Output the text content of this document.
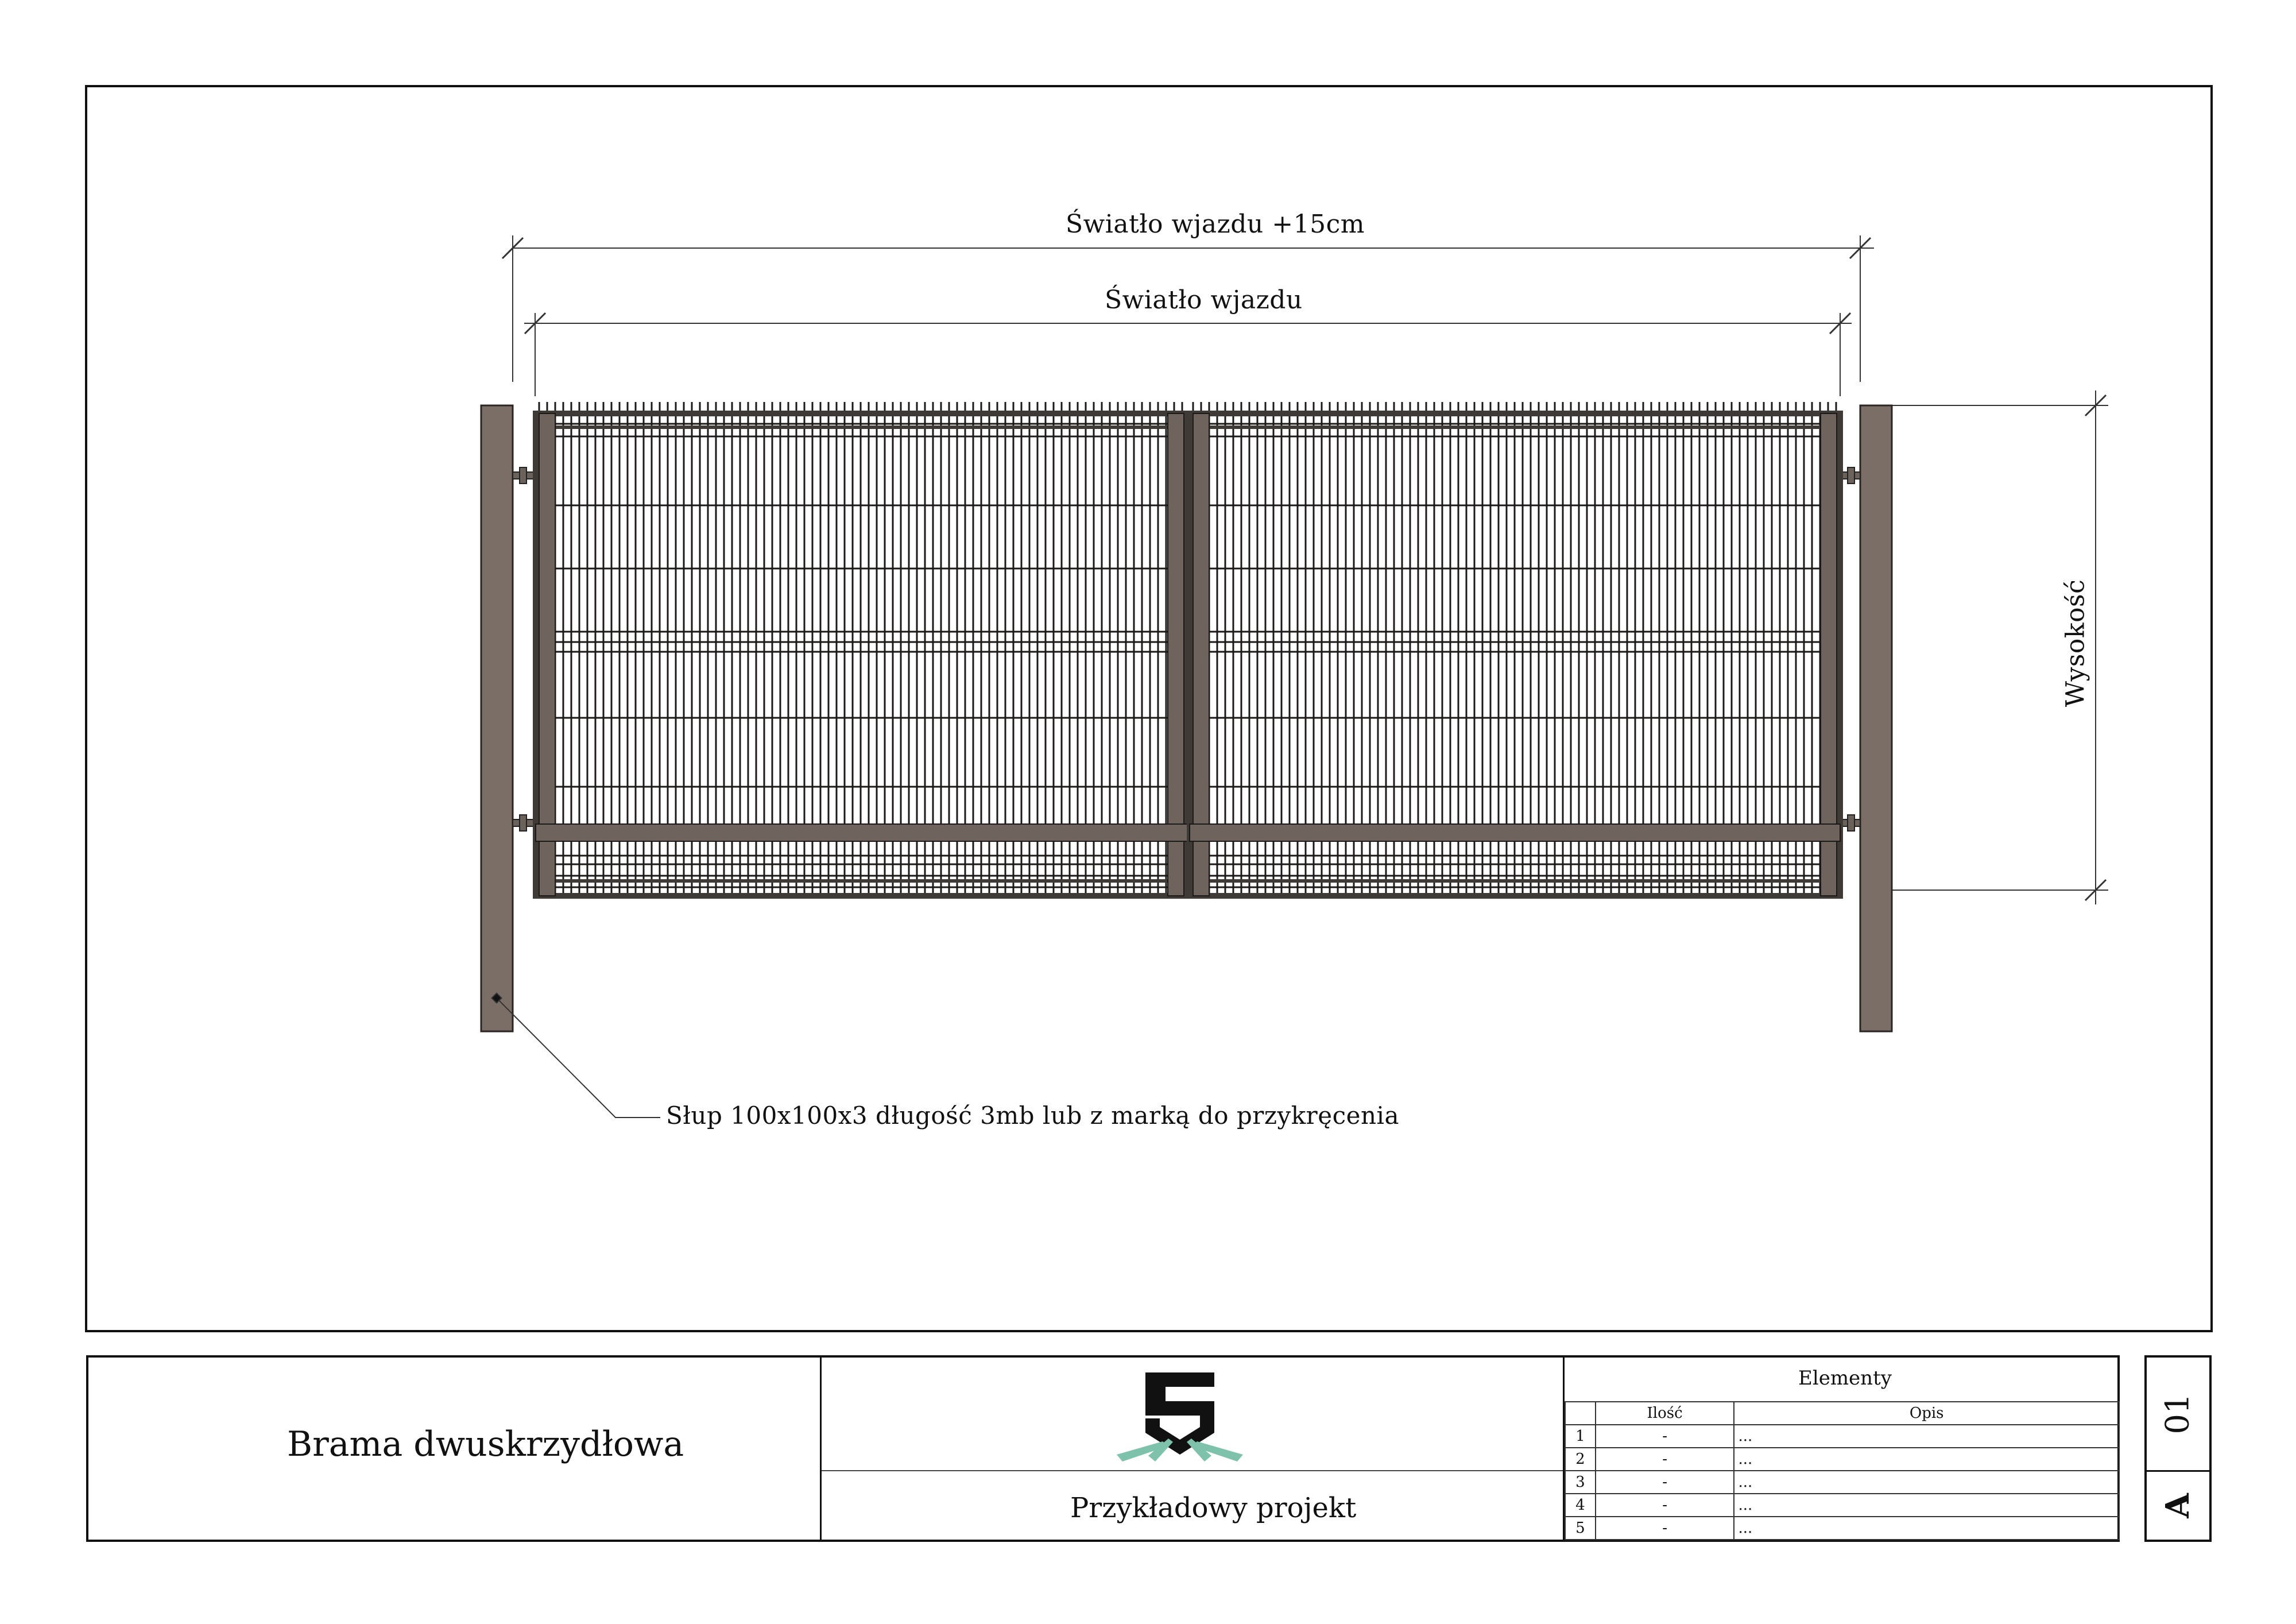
Światło wjazdu +15cm
Światło wjazdu
Wysokość
Słup 100x100x3 długość 3mb lub z marką do przykręcenia
Brama dwuskrzydłowa
Przykładowy projekt
Elementy
	Ilość	Opis
1	-	...
2	-	...
3	-	...
4	-	...
5	-	...
01
A
